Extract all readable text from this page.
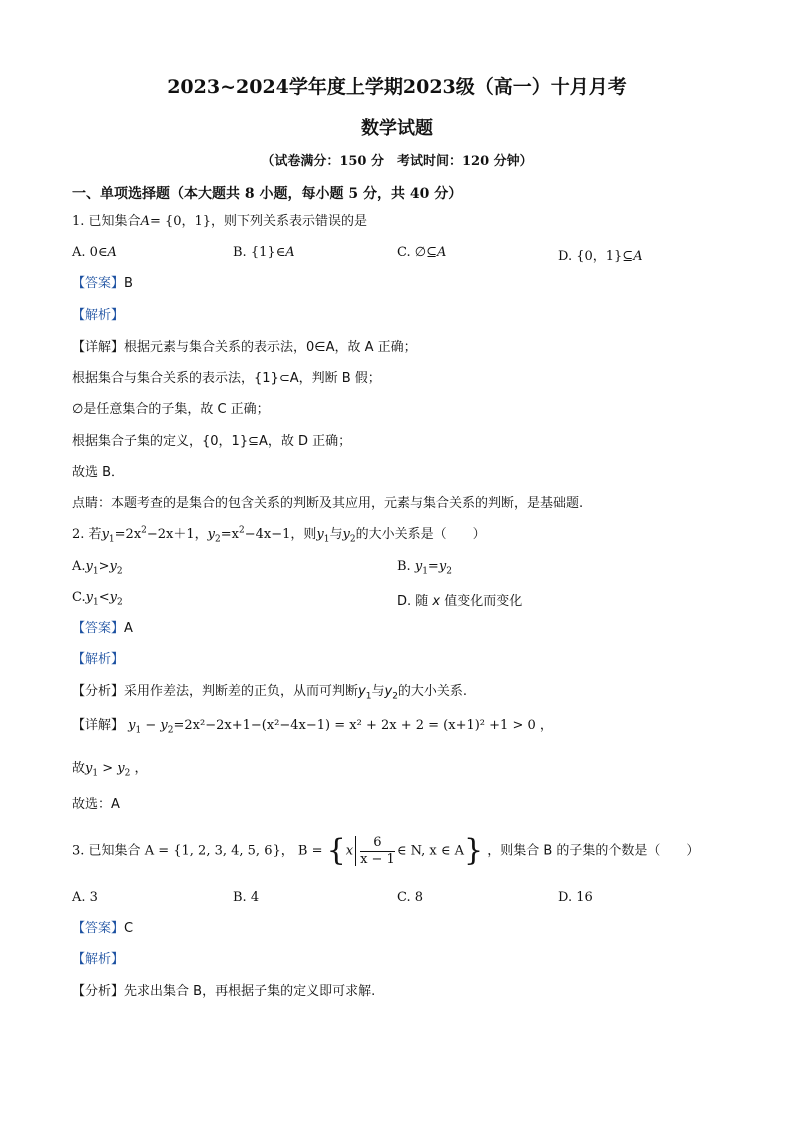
2023~2024学年度上学期2023级（高一）十月月考
数学试题
（试卷满分：150 分　考试时间：120 分钟）
一、单项选择题（本大题共 8 小题，每小题 5 分，共 40 分）
1. 已知集合A= {0，1}，则下列关系表示错误的是
A. 0∈A	B. {1}∈A	C. ∅⊆A	D. {0，1}⊆A
【答案】B
【解析】
【详解】根据元素与集合关系的表示法，0∈A，故 A 正确；
根据集合与集合关系的表示法，{1}⊂A，判断 B 假；
∅是任意集合的子集，故 C 正确；
根据集合子集的定义，{0，1}⊆A，故 D 正确；
故选 B．
点睛：本题考查的是集合的包含关系的判断及其应用，元素与集合关系的判断，是基础题.
2. 若$y_1=2x^2-2x+1$，$y_2=x^2-4x-1$，则$y_1$与$y_2$的大小关系是（　　）
$A.y_1>y_2$	B. $y_1=y_2$
$C.y_1<y_2$	D. 随 x 值变化而变化
【答案】A
【解析】
【分析】采用作差法，判断差的正负，从而可判断$y_1$与$y_2$的大小关系.
【详解】 $y_1 - y_2=2x^2-2x+1-(x^2-4x-1) = x^2 + 2x + 2 = (x+1)^2 +1 > 0$ ，
故$y_1 > y_2$ ，
故选：A
3. 已知集合 A = {1, 2, 3, 4, 5, 6}， $B = \{x \frac{6}{x - 1}$ ∈ N, x ∈ A} ，则集合 B 的子集的个数是（　　）
A. 3	B. 4	C. 8	D. 16
【答案】C
【解析】
【分析】先求出集合 B，再根据子集的定义即可求解.
